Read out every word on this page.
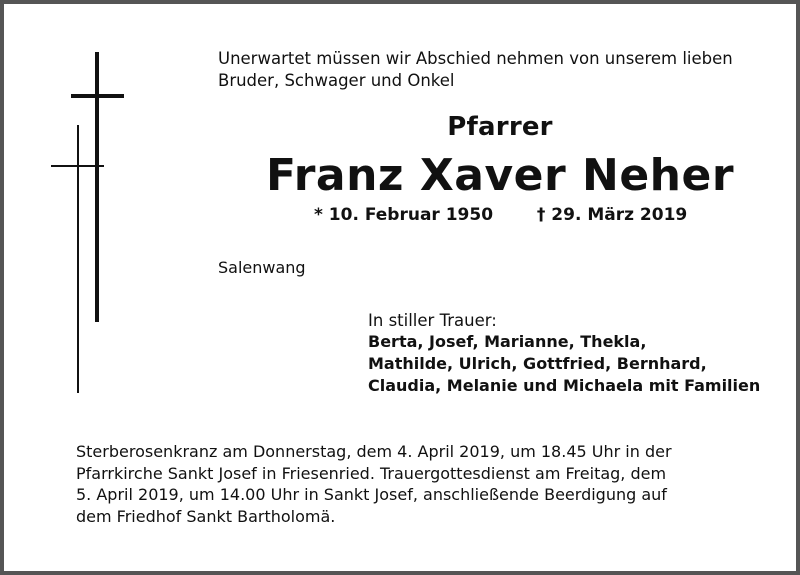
Unerwartet müssen wir Abschied nehmen von unserem lieben
Bruder, Schwager und Onkel
Pfarrer
Franz Xaver Neher
* 10. Februar 1950	† 29. März 2019
Salenwang
In stiller Trauer:
Berta, Josef, Marianne, Thekla,
Mathilde, Ulrich, Gottfried, Bernhard,
Claudia, Melanie und Michaela mit Familien
Sterberosenkranz am Donnerstag, dem 4. April 2019, um 18.45 Uhr in der
Pfarrkirche Sankt Josef in Friesenried. Trauergottesdienst am Freitag, dem
5. April 2019, um 14.00 Uhr in Sankt Josef, anschließende Beerdigung auf
dem Friedhof Sankt Bartholomä.
